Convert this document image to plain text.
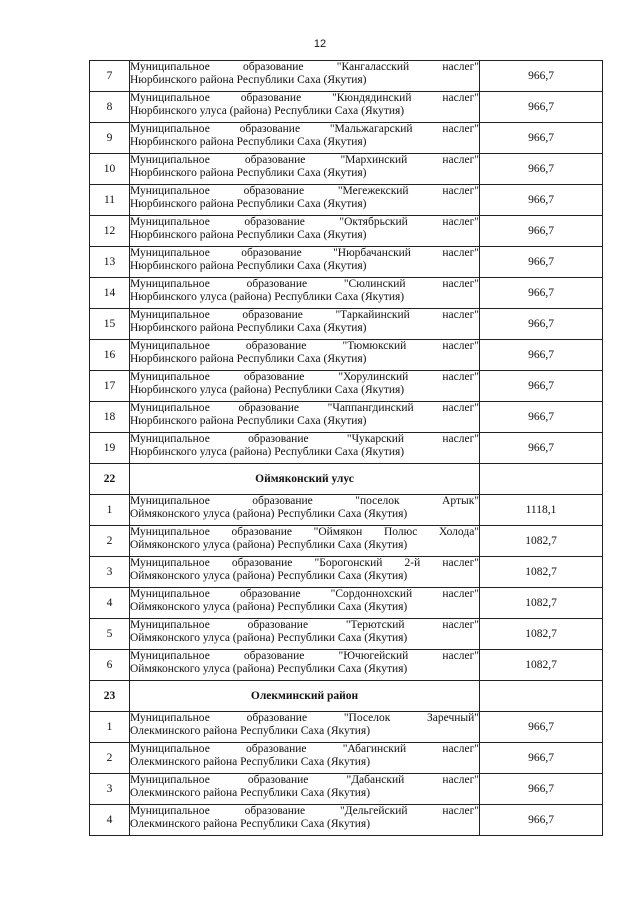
12
7	Муниципальное образование "Кангаласский наслег"
Нюрбинского района Республики Саха (Якутия)	966,7
8	Муниципальное образование "Кюндядинский наслег"
Нюрбинского улуса (района) Республики Саха (Якутия)	966,7
9	Муниципальное образование "Мальжагарский наслег"
Нюрбинского района Республики Саха (Якутия)	966,7
10	Муниципальное образование "Мархинский наслег"
Нюрбинского района Республики Саха (Якутия)	966,7
11	Муниципальное образование "Мегежекский наслег"
Нюрбинского района Республики Саха (Якутия)	966,7
12	Муниципальное образование "Октябрьский наслег"
Нюрбинского района Республики Саха (Якутия)	966,7
13	Муниципальное образование "Нюрбачанский наслег"
Нюрбинского района Республики Саха (Якутия)	966,7
14	Муниципальное образование "Сюлинский наслег"
Нюрбинского улуса (района) Республики Саха (Якутия)	966,7
15	Муниципальное образование "Таркайинский наслег"
Нюрбинского района Республики Саха (Якутия)	966,7
16	Муниципальное образование "Тюмюкский наслег"
Нюрбинского района Республики Саха (Якутия)	966,7
17	Муниципальное образование "Хорулинский наслег"
Нюрбинского улуса (района) Республики Саха (Якутия)	966,7
18	Муниципальное образование "Чаппангдинский наслег"
Нюрбинского района Республики Саха (Якутия)	966,7
19	Муниципальное образование "Чукарский наслег"
Нюрбинского улуса (района) Республики Саха (Якутия)	966,7
22	Оймяконский улус	
1	Муниципальное образование "поселок Артык"
Оймяконского улуса (района) Республики Саха (Якутия)	1118,1
2	Муниципальное образование "Оймякон Полюс Холода"
Оймяконского улуса (района) Республики Саха (Якутия)	1082,7
3	Муниципальное образование "Борогонский 2-й наслег"
Оймяконского улуса (района) Республики Саха (Якутия)	1082,7
4	Муниципальное образование "Сордоннохский наслег"
Оймяконского улуса (района) Республики Саха (Якутия)	1082,7
5	Муниципальное образование "Терютский наслег"
Оймяконского улуса (района) Республики Саха (Якутия)	1082,7
6	Муниципальное образование "Ючюгейский наслег"
Оймяконского улуса (района) Республики Саха (Якутия)	1082,7
23	Олекминский район	
1	Муниципальное образование "Поселок Заречный"
Олекминского района Республики Саха (Якутия)	966,7
2	Муниципальное образование "Абагинский наслег"
Олекминского района Республики Саха (Якутия)	966,7
3	Муниципальное образование "Дабанский наслег"
Олекминского района Республики Саха (Якутия)	966,7
4	Муниципальное образование "Дельгейский наслег"
Олекминского района Республики Саха (Якутия)	966,7
